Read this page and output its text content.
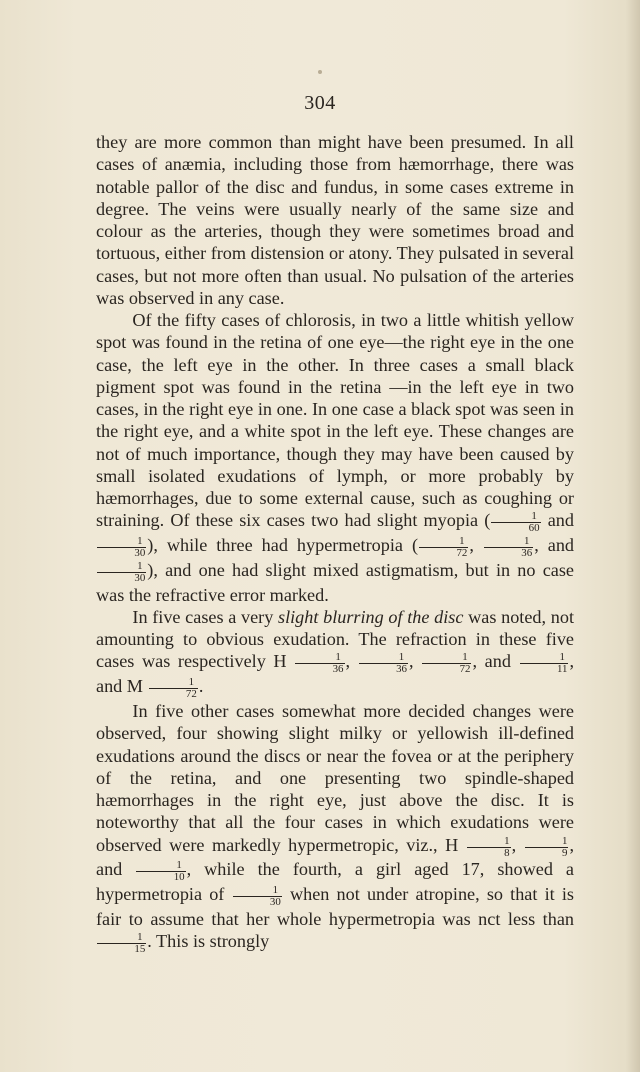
304

they are more common than might have been presumed. In all cases of anæmia, including those from hæmorrhage, there was notable pallor of the disc and fundus, in some cases extreme in degree. The veins were usually nearly of the same size and colour as the arteries, though they were sometimes broad and tortuous, either from distension or atony. They pulsated in several cases, but not more often than usual. No pulsation of the arteries was observed in any case.

Of the fifty cases of chlorosis, in two a little whitish yellow spot was found in the retina of one eye—the right eye in the one case, the left eye in the other. In three cases a small black pigment spot was found in the retina —in the left eye in two cases, in the right eye in one. In one case a black spot was seen in the right eye, and a white spot in the left eye. These changes are not of much importance, though they may have been caused by small isolated exudations of lymph, or more probably by hæmorrhages, due to some external cause, such as coughing or straining. Of these six cases two had slight myopia ( $\frac{1}{60}$ and
$\frac{1}{30}$ ), while three had hypermetropia ( $\frac{1}{72}$ , $\frac{1}{36}$ , and
$\frac{1}{30}$ ), and one had slight mixed astigmatism, but in no case was the refractive error marked.

In five cases a very slight blurring of the disc was noted, not amounting to obvious exudation. The refraction in these five cases was respectively H $\frac{1}{36}$ , $\frac{1}{36}$ , $\frac{1}{72}$ , and $\frac{1}{11}$ , and M $\frac{1}{72}$ .

In five other cases somewhat more decided changes were observed, four showing slight milky or yellowish ill-defined exudations around the discs or near the fovea or at the periphery of the retina, and one presenting two spindle-shaped hæmorrhages in the right eye, just above the disc. It is noteworthy that all the four cases in which exudations were observed were markedly hypermetropic, viz., H $\frac{1}{8}$ , $\frac{1}{9}$ , and $\frac{1}{10}$ , while the fourth, a girl aged 17, showed a hypermetropia of $\frac{1}{30}$ when not under atropine, so that it is fair to assume that her whole hypermetropia was nct less than
$\frac{1}{15}$ . This is strongly
